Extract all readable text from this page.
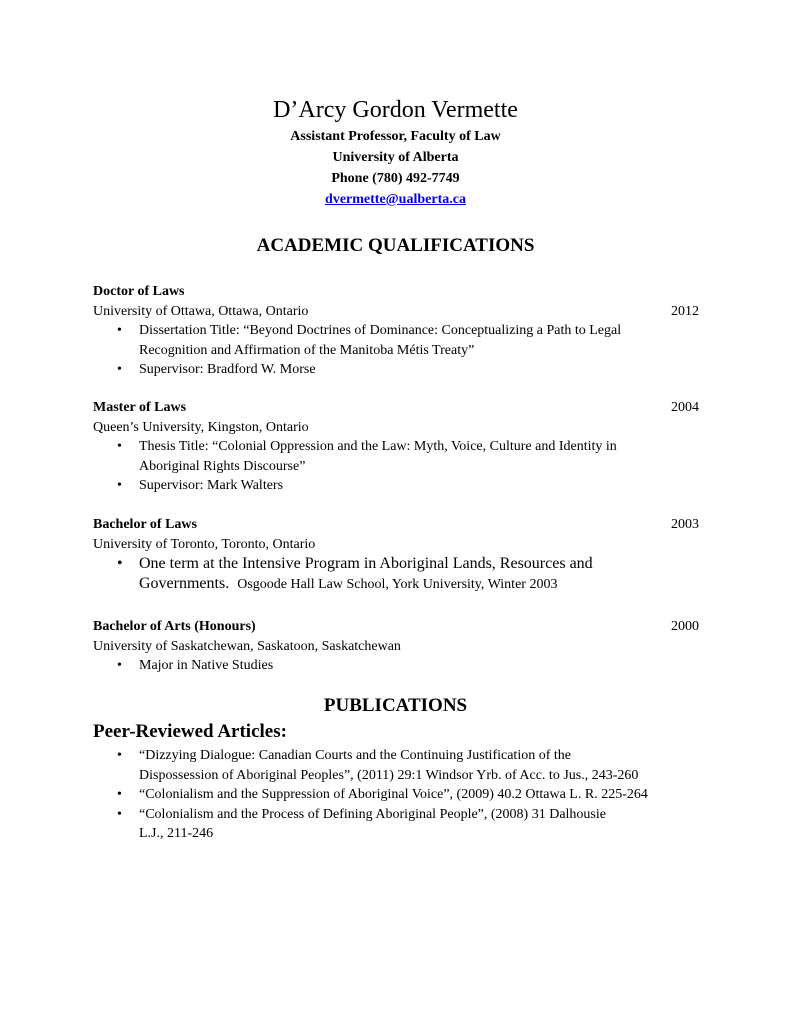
D’Arcy Gordon Vermette
Assistant Professor, Faculty of Law
University of Alberta
Phone (780) 492-7749
dvermette@ualberta.ca
ACADEMIC QUALIFICATIONS
Doctor of Laws
University of Ottawa, Ottawa, Ontario	2012
• Dissertation Title: “Beyond Doctrines of Dominance: Conceptualizing a Path to Legal
Recognition and Affirmation of the Manitoba Métis Treaty”
• Supervisor: Bradford W. Morse
Master of Laws	2004
Queen’s University, Kingston, Ontario
• Thesis Title: “Colonial Oppression and the Law: Myth, Voice, Culture and Identity in
Aboriginal Rights Discourse”
• Supervisor: Mark Walters
Bachelor of Laws	2003
University of Toronto, Toronto, Ontario
• One term at the Intensive Program in Aboriginal Lands, Resources and
Governments. Osgoode Hall Law School, York University, Winter 2003
Bachelor of Arts (Honours)	2000
University of Saskatchewan, Saskatoon, Saskatchewan
• Major in Native Studies
PUBLICATIONS
Peer-Reviewed Articles:
• “Dizzying Dialogue: Canadian Courts and the Continuing Justification of the
Dispossession of Aboriginal Peoples”, (2011) 29:1 Windsor Yrb. of Acc. to Jus., 243-260
• “Colonialism and the Suppression of Aboriginal Voice”, (2009) 40.2 Ottawa L. R. 225-264
• “Colonialism and the Process of Defining Aboriginal People”, (2008) 31 Dalhousie
L.J., 211-246
